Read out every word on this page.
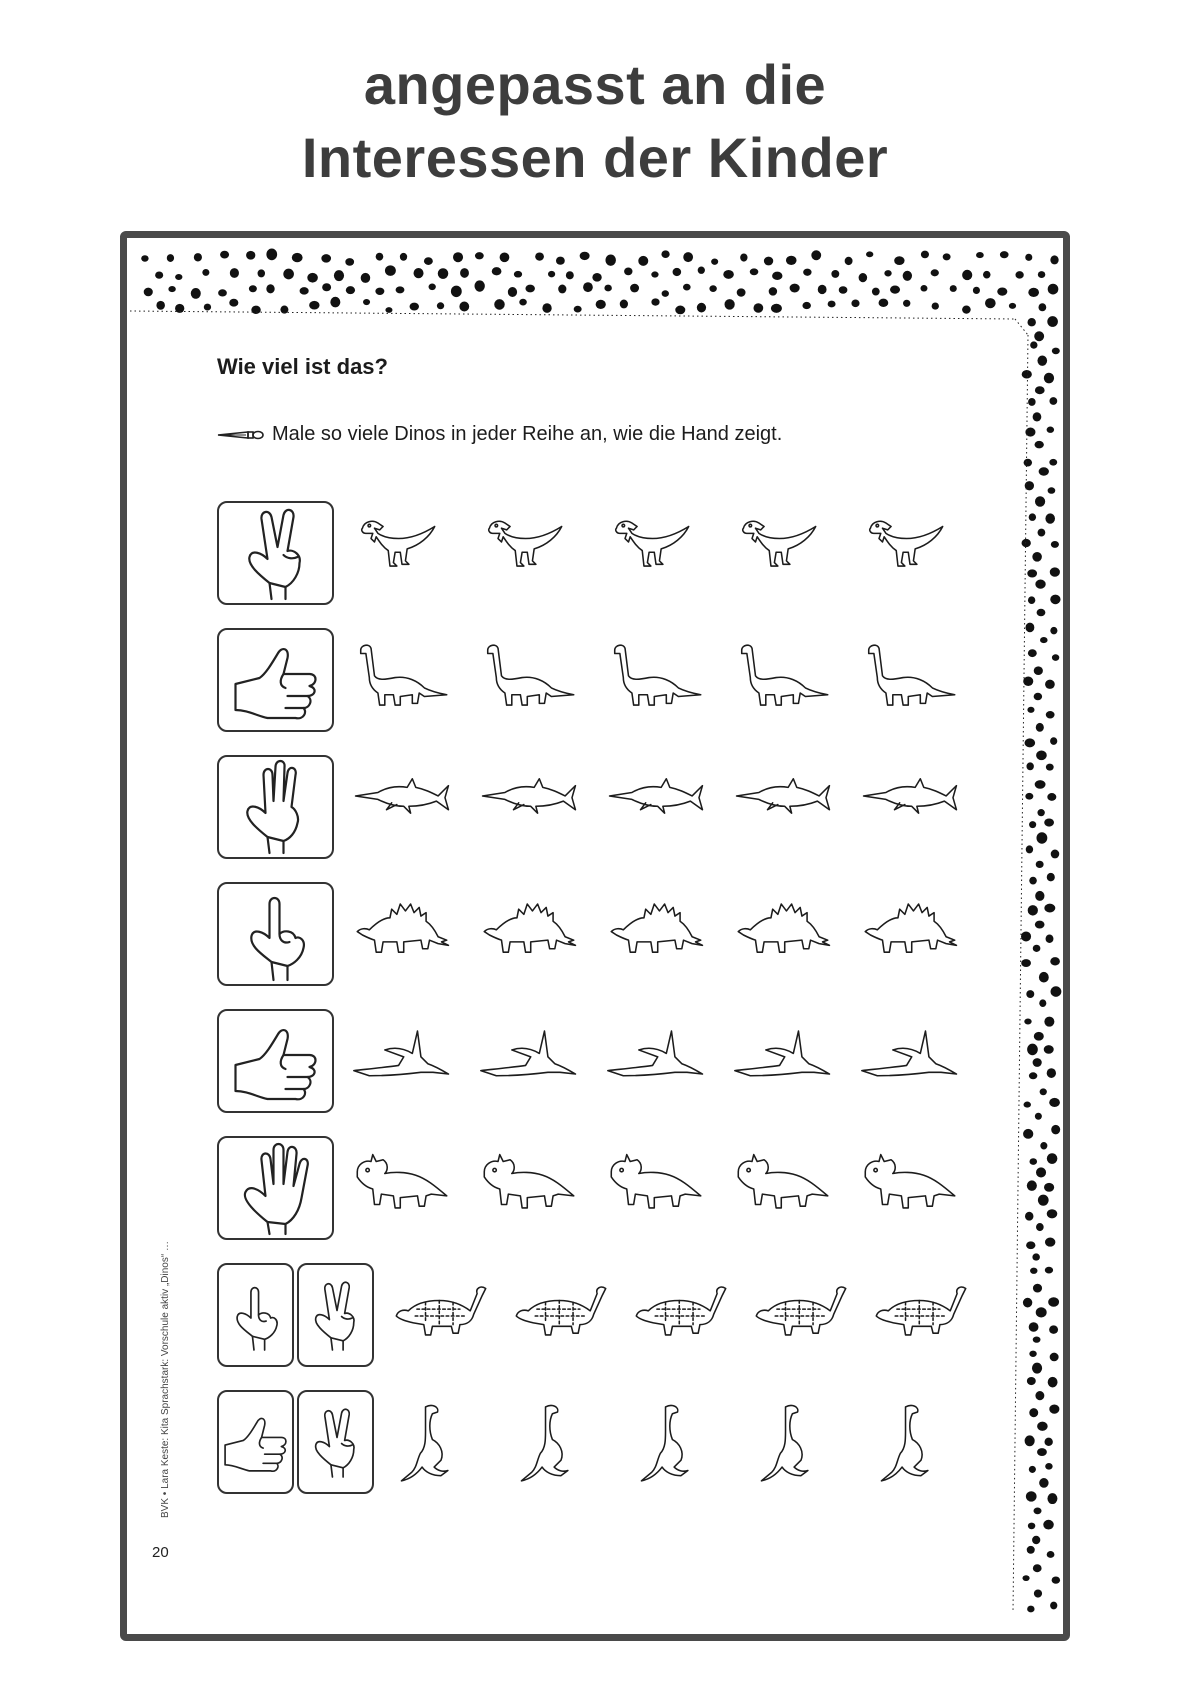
angepasst an die
Interessen der Kinder
Wie viel ist das?
Male so viele Dinos in jeder Reihe an, wie die Hand zeigt.
BVK • Lara Keste: Kita Sprachstark: Vorschule aktiv „Dinos“ …
20
